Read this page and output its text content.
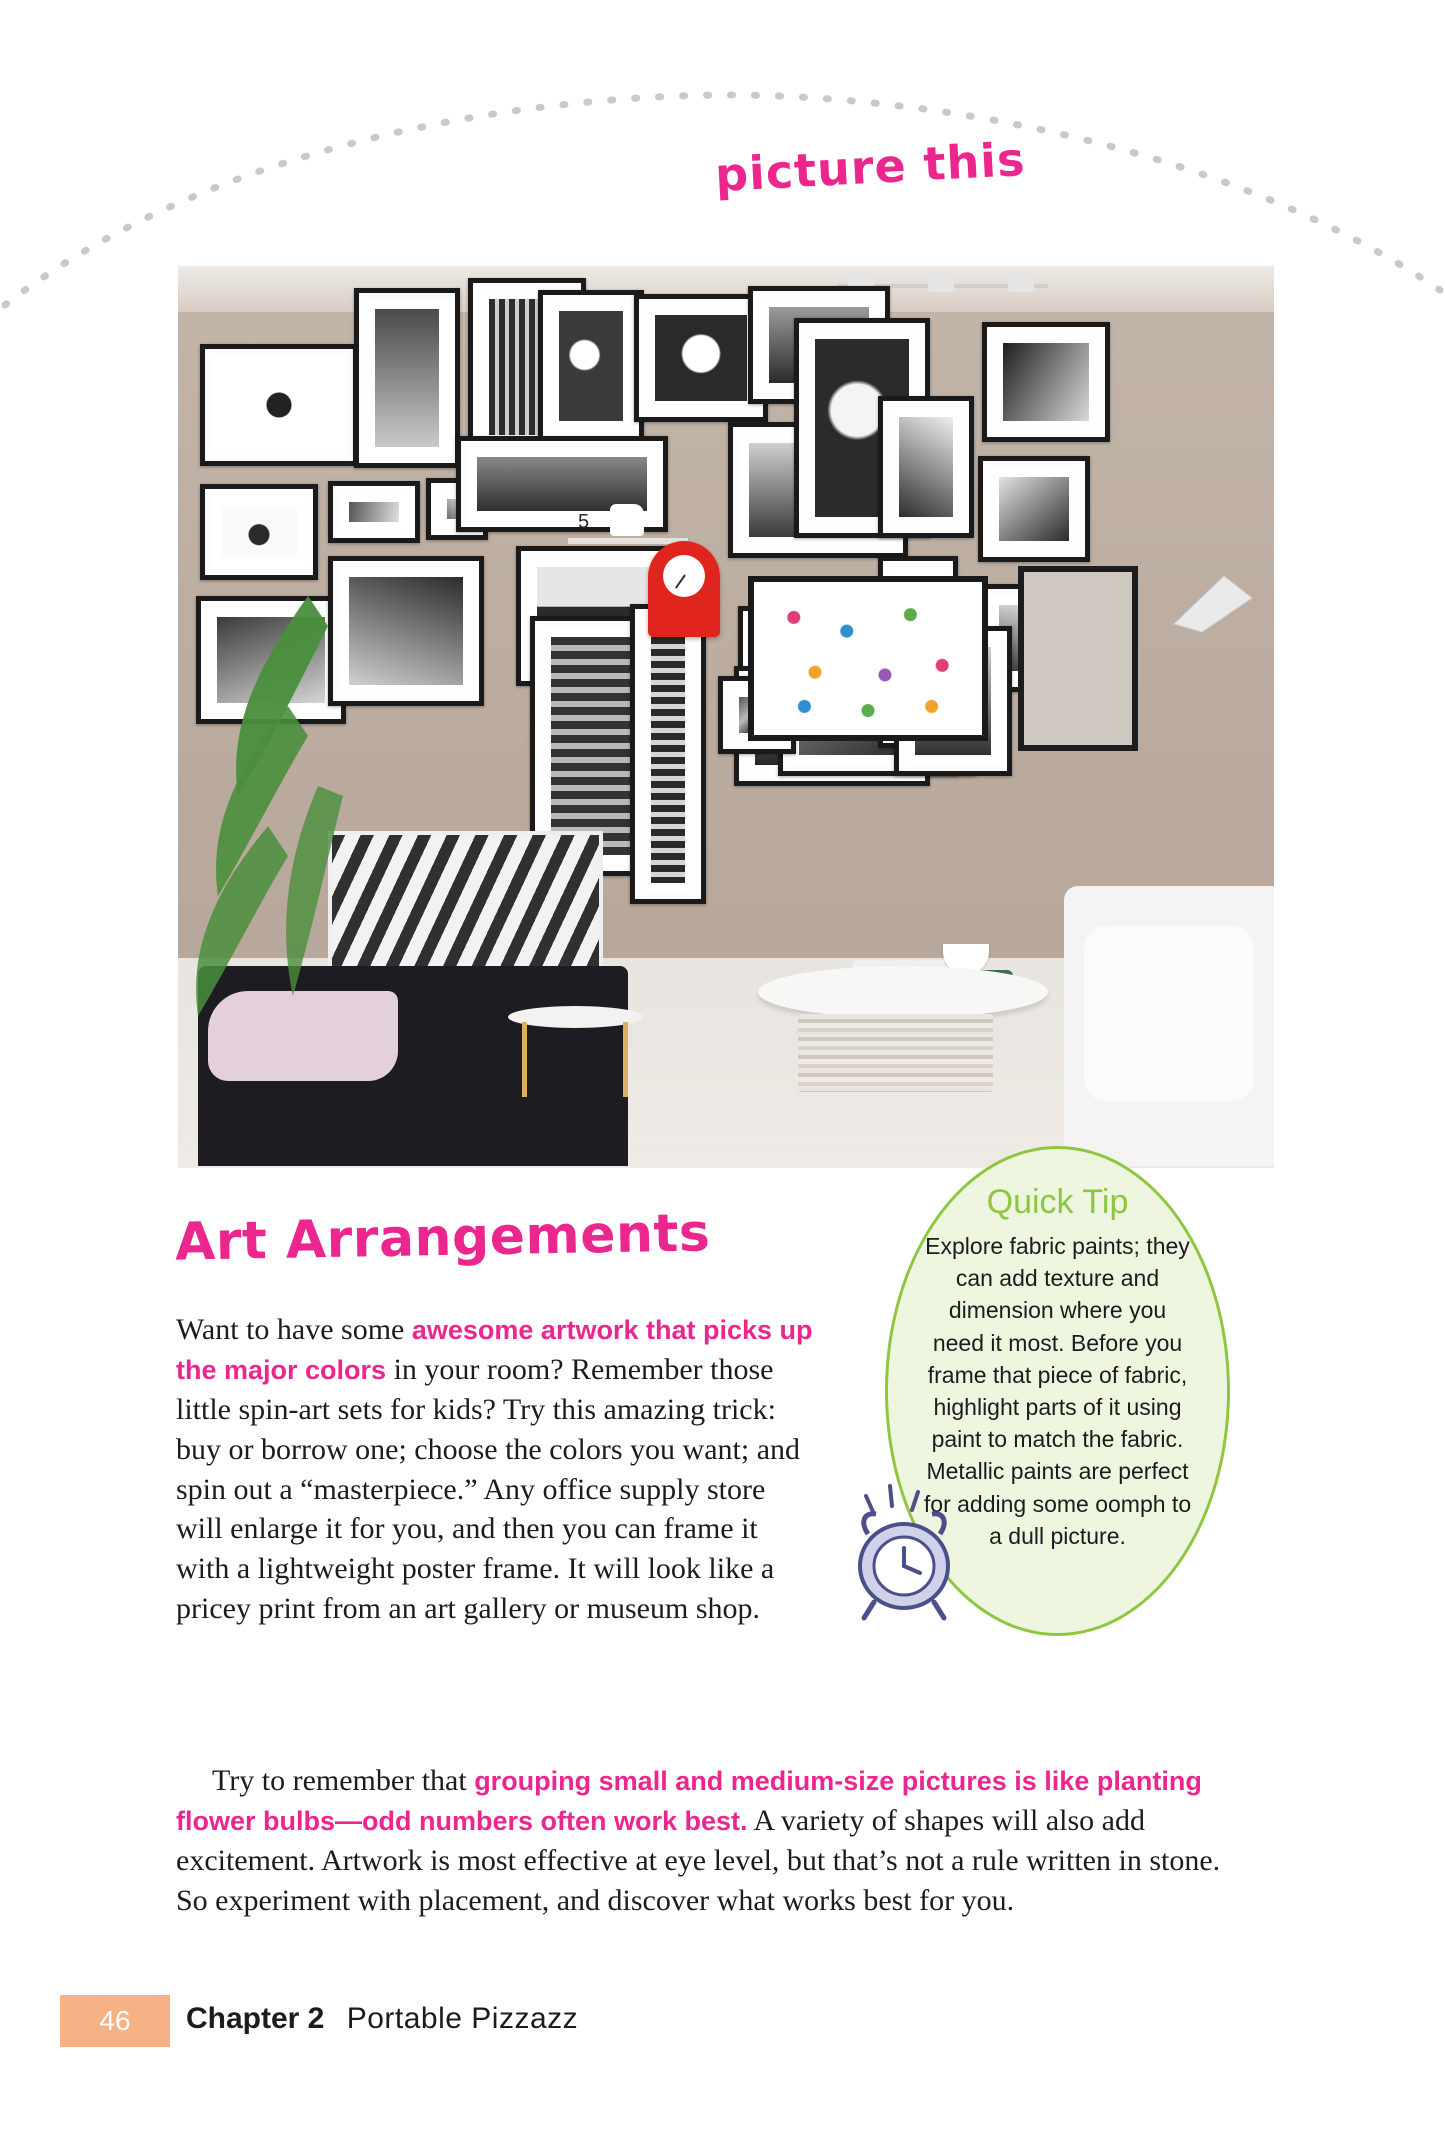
picture this
5
Art Arrangements

Want to have some awesome artwork that picks up the major colors in your room? Remember those little spin-art sets for kids? Try this amazing trick: buy or borrow one; choose the colors you want; and spin out a “masterpiece.” Any office supply store will enlarge it for you, and then you can frame it with a lightweight poster frame. It will look like a pricey print from an art gallery or museum shop.

Quick Tip
Explore fabric paints; they can add texture and dimension where you need it most. Before you frame that piece of fabric, highlight parts of it using paint to match the fabric. Metallic paints are perfect for adding some oomph to a dull picture.
Try to remember that grouping small and medium-size pictures is like planting flower bulbs—odd numbers often work best. A variety of shapes will also add excitement. Artwork is most effective at eye level, but that’s not a rule written in stone. So experiment with placement, and discover what works best for you.
46	Chapter 2 Portable Pizzazz
